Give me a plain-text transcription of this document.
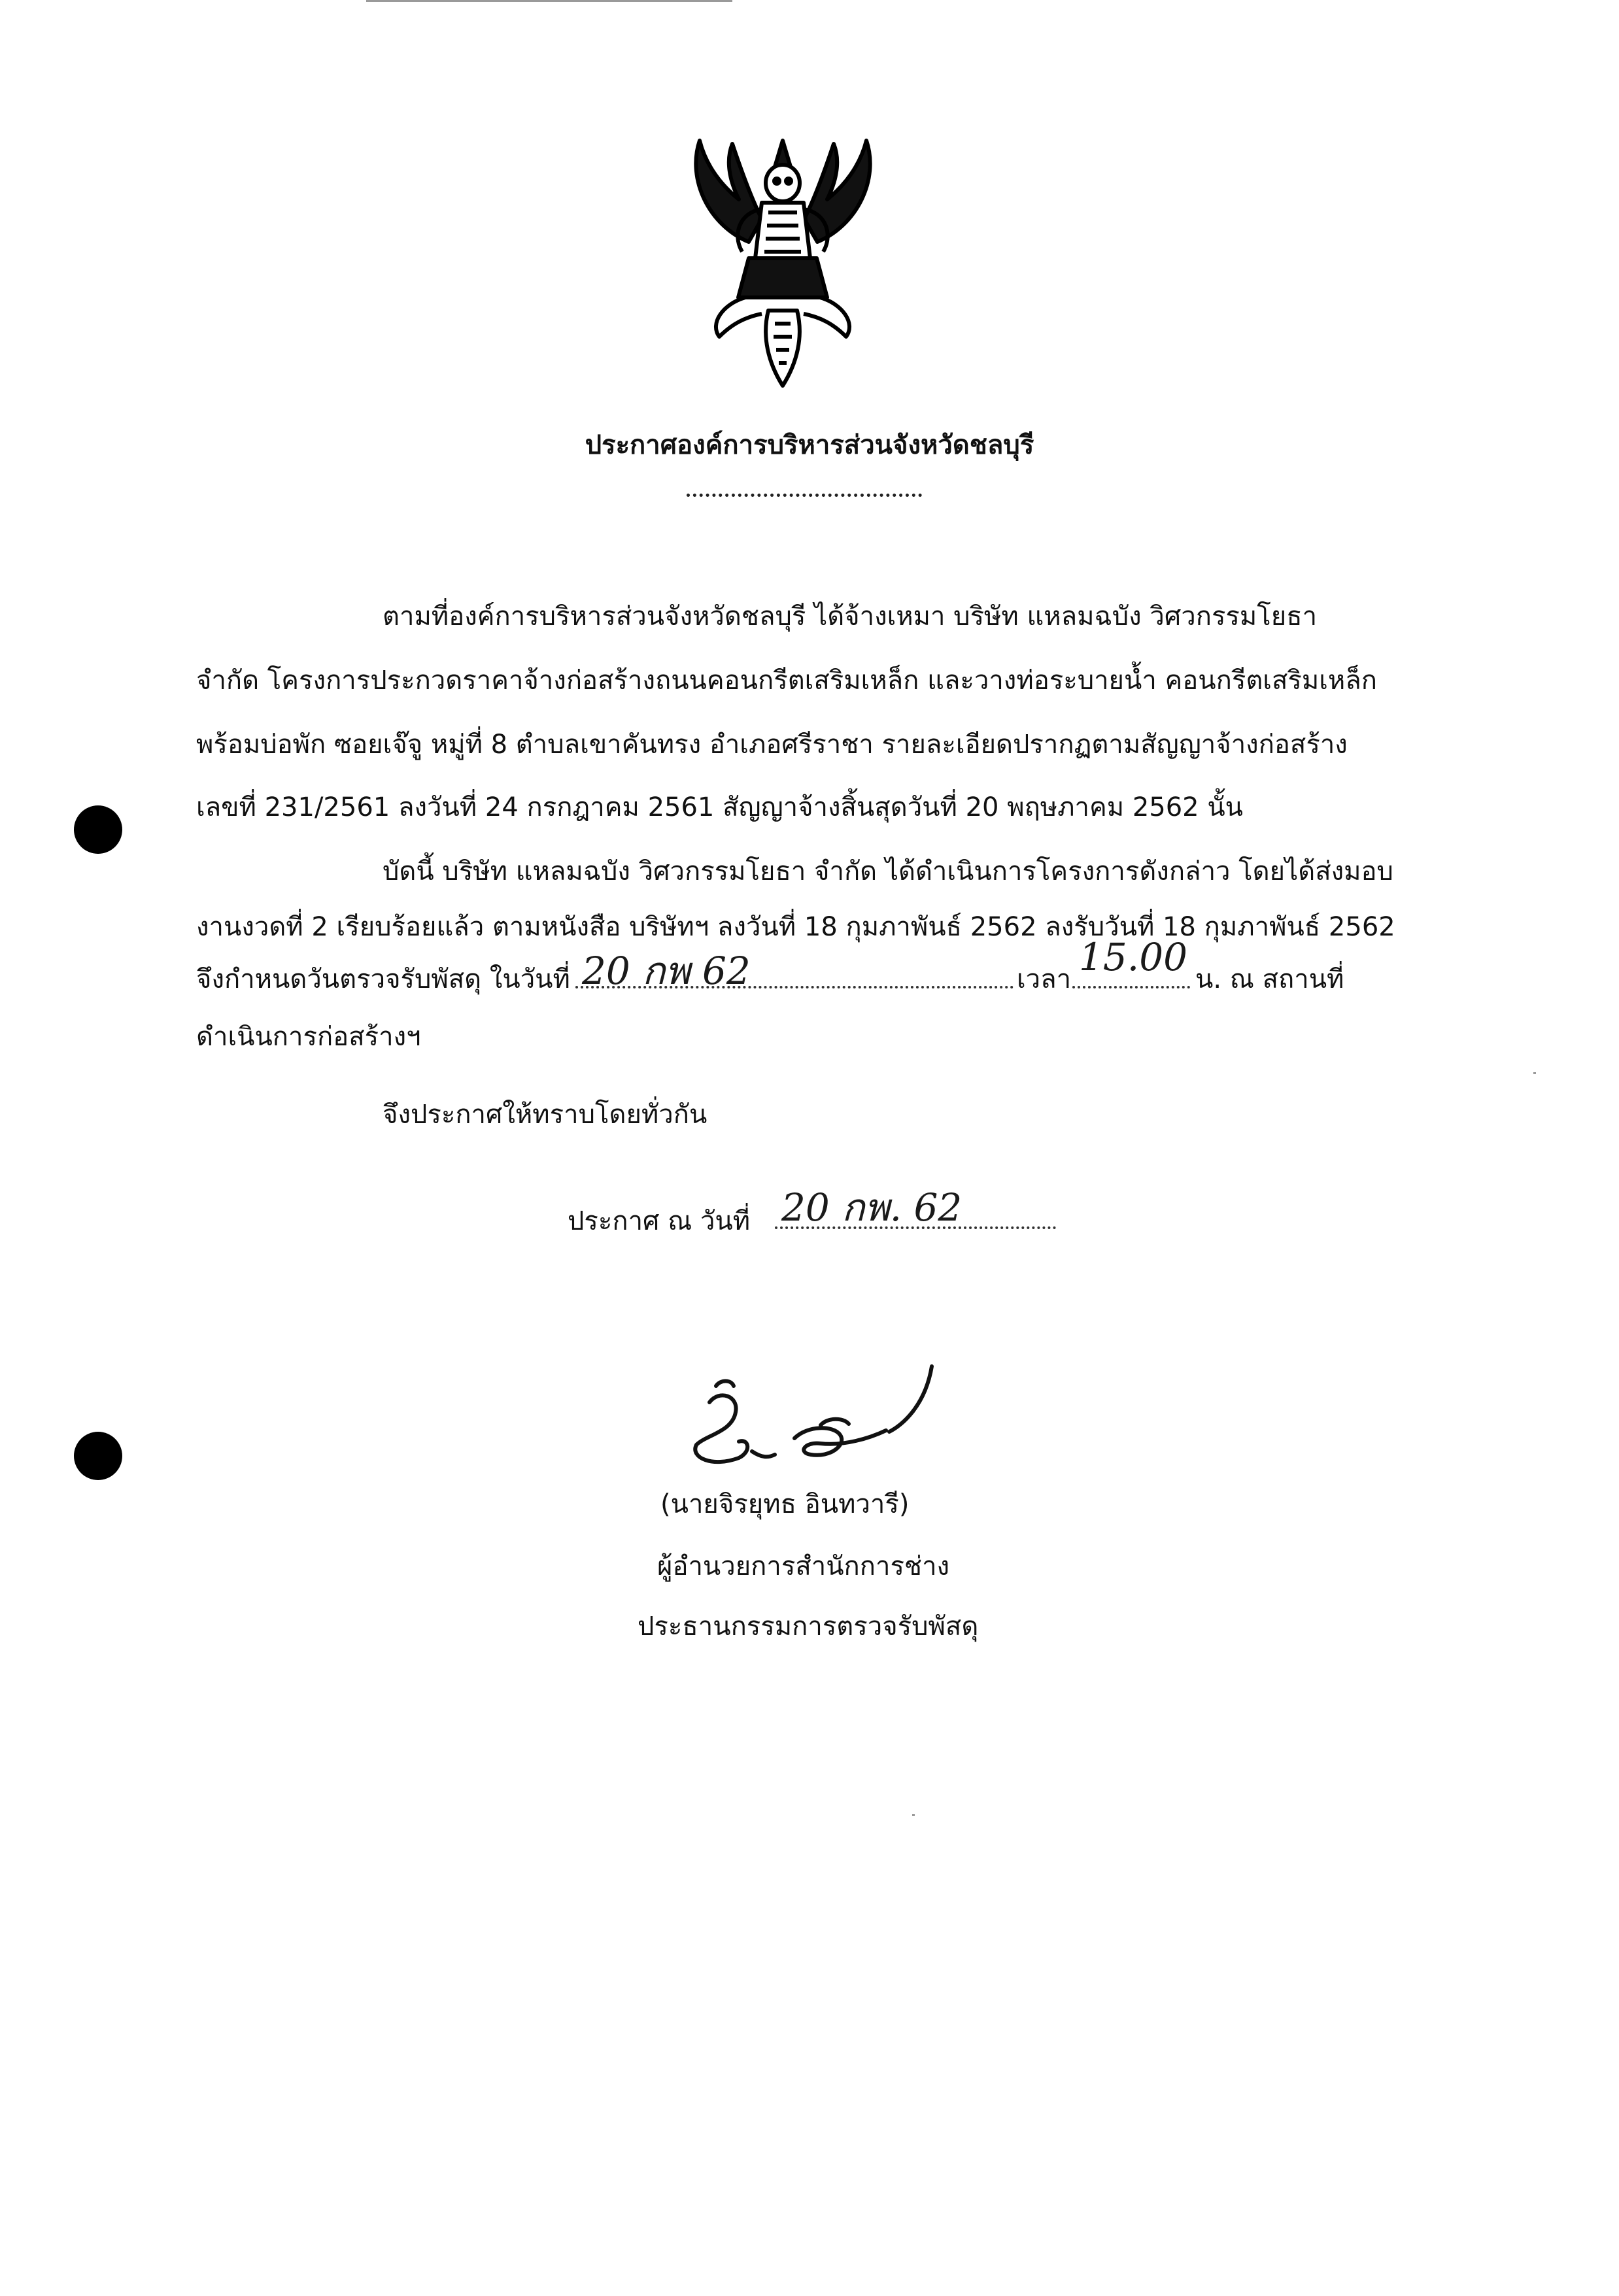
ประกาศองค์การบริหารส่วนจังหวัดชลบุรี
ตามที่องค์การบริหารส่วนจังหวัดชลบุรี ได้จ้างเหมา บริษัท แหลมฉบัง วิศวกรรมโยธา
จำกัด โครงการประกวดราคาจ้างก่อสร้างถนนคอนกรีตเสริมเหล็ก และวางท่อระบายน้ำ คอนกรีตเสริมเหล็ก
พร้อมบ่อพัก ซอยเจ๊จู หมู่ที่ 8 ตำบลเขาคันทรง อำเภอศรีราชา รายละเอียดปรากฏตามสัญญาจ้างก่อสร้าง
เลขที่ 231/2561 ลงวันที่ 24 กรกฎาคม 2561 สัญญาจ้างสิ้นสุดวันที่ 20 พฤษภาคม 2562 นั้น
บัดนี้ บริษัท แหลมฉบัง วิศวกรรมโยธา จำกัด ได้ดำเนินการโครงการดังกล่าว โดยได้ส่งมอบ
งานงวดที่ 2 เรียบร้อยแล้ว ตามหนังสือ บริษัทฯ ลงวันที่ 18 กุมภาพันธ์ 2562 ลงรับวันที่ 18 กุมภาพันธ์ 2562
จึงกำหนดวันตรวจรับพัสดุ ในวันที่ 20 กพ 62	เวลา 15.00 น. ณ สถานที่
ดำเนินการก่อสร้างฯ
จึงประกาศให้ทราบโดยทั่วกัน
ประกาศ ณ วันที่ 20 กพ. 62
(นายจิรยุทธ อินทวารี)
ผู้อำนวยการสำนักการช่าง
ประธานกรรมการตรวจรับพัสดุ
